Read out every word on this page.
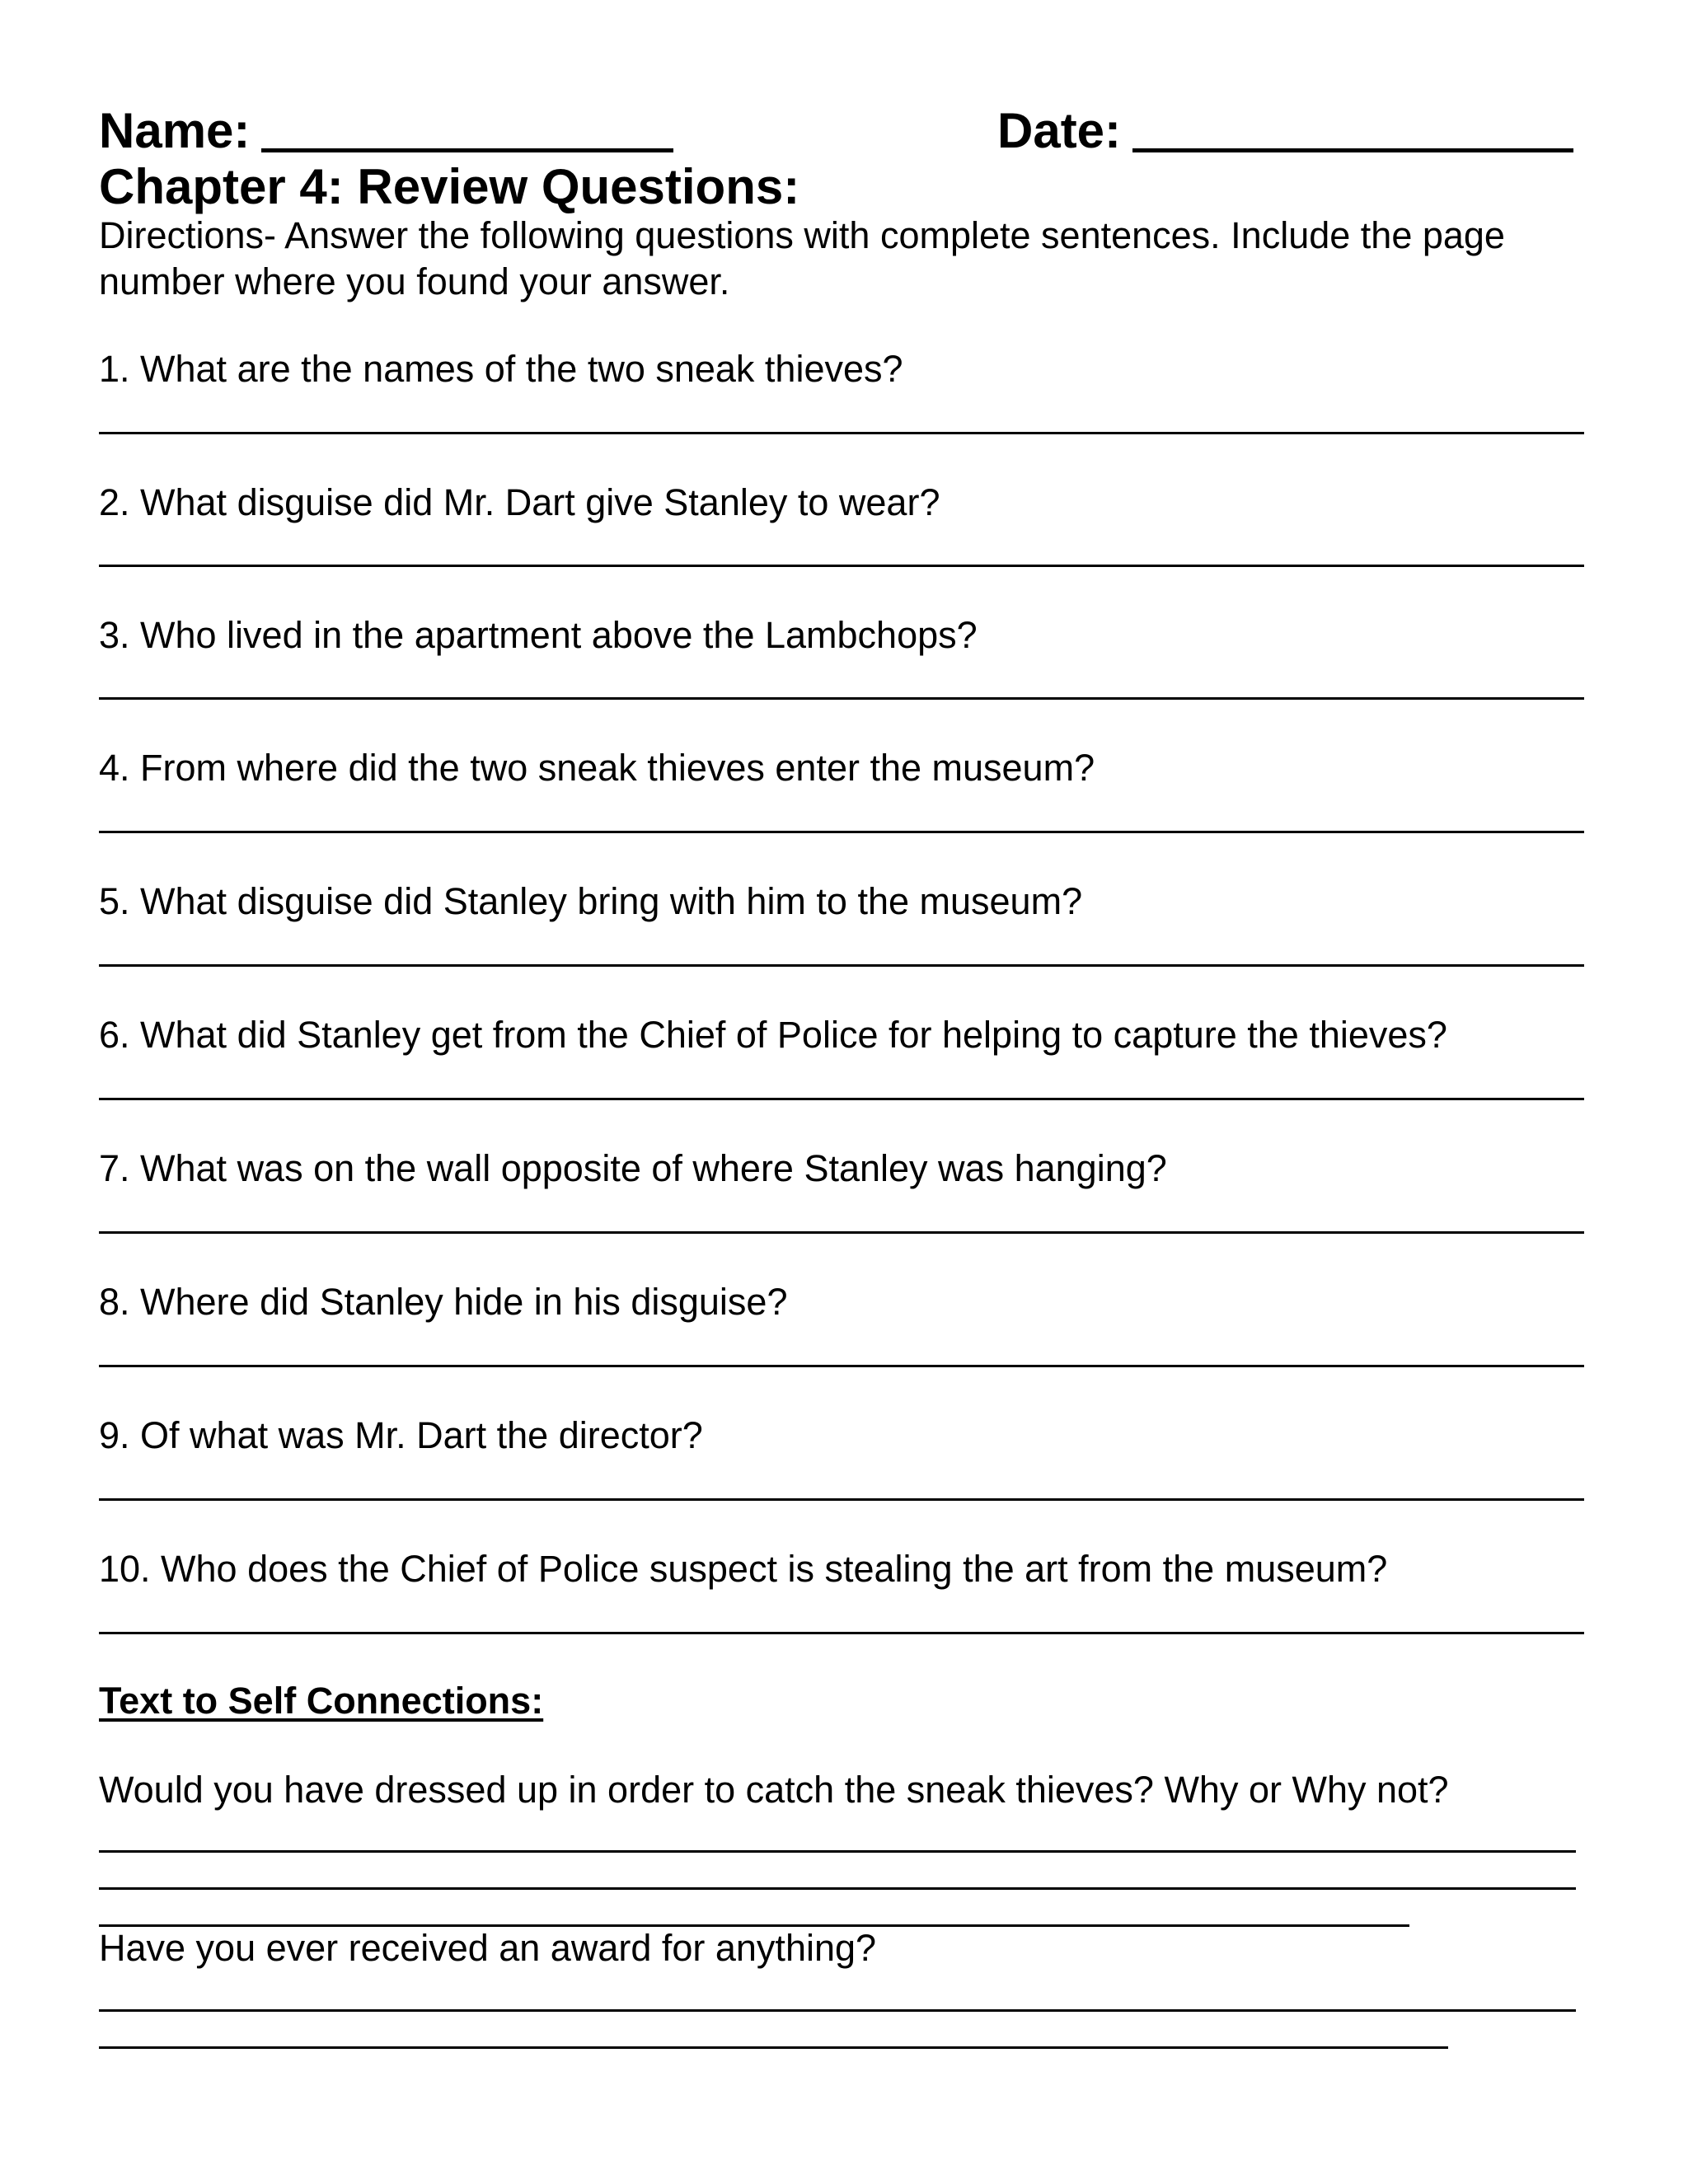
Name:	Date:
Chapter 4: Review Questions:
Directions- Answer the following questions with complete sentences. Include the page number where you found your answer.
1. What are the names of the two sneak thieves?
2. What disguise did Mr. Dart give Stanley to wear?
3. Who lived in the apartment above the Lambchops?
4. From where did the two sneak thieves enter the museum?
5. What disguise did Stanley bring with him to the museum?
6. What did Stanley get from the Chief of Police for helping to capture the thieves?
7. What was on the wall opposite of where Stanley was hanging?
8. Where did Stanley hide in his disguise?
9. Of what was Mr. Dart the director?
10. Who does the Chief of Police suspect is stealing the art from the museum?
Text to Self Connections:
Would you have dressed up in order to catch the sneak thieves? Why or Why not?
Have you ever received an award for anything?
